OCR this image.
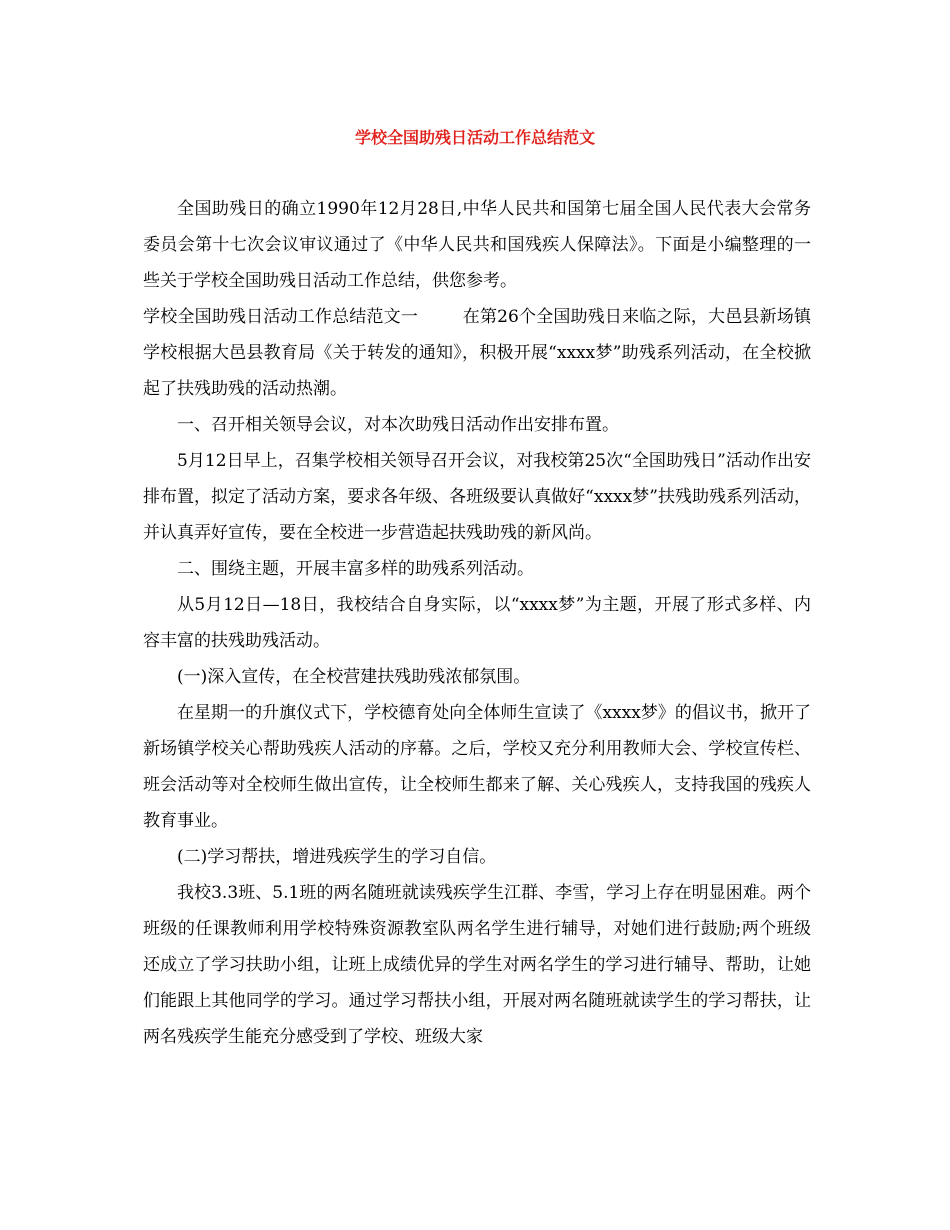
学校全国助残日活动工作总结范文

全国助残日的确立1990年12月28日,中华人民共和国第七届全国人民代表大会常务委员会第十七次会议审议通过了《中华人民共和国残疾人保障法》。下面是小编整理的一些关于学校全国助残日活动工作总结，供您参考。

学校全国助残日活动工作总结范文一        在第26个全国助残日来临之际，大邑县新场镇学校根据大邑县教育局《关于转发的通知》，积极开展“xxxx梦”助残系列活动，在全校掀起了扶残助残的活动热潮。

一、召开相关领导会议，对本次助残日活动作出安排布置。

5月12日早上，召集学校相关领导召开会议，对我校第25次“全国助残日”活动作出安排布置，拟定了活动方案，要求各年级、各班级要认真做好“xxxx梦”扶残助残系列活动，并认真弄好宣传，要在全校进一步营造起扶残助残的新风尚。

二、围绕主题，开展丰富多样的助残系列活动。

从5月12日—18日，我校结合自身实际，以“xxxx梦”为主题，开展了形式多样、内容丰富的扶残助残活动。

(一)深入宣传，在全校营建扶残助残浓郁氛围。

在星期一的升旗仪式下，学校德育处向全体师生宣读了《xxxx梦》的倡议书，掀开了新场镇学校关心帮助残疾人活动的序幕。之后，学校又充分利用教师大会、学校宣传栏、班会活动等对全校师生做出宣传，让全校师生都来了解、关心残疾人，支持我国的残疾人教育事业。

(二)学习帮扶，增进残疾学生的学习自信。

我校3.3班、5.1班的两名随班就读残疾学生江群、李雪，学习上存在明显困难。两个班级的任课教师利用学校特殊资源教室队两名学生进行辅导，对她们进行鼓励;两个班级还成立了学习扶助小组，让班上成绩优异的学生对两名学生的学习进行辅导、帮助，让她们能跟上其他同学的学习。通过学习帮扶小组，开展对两名随班就读学生的学习帮扶，让两名残疾学生能充分感受到了学校、班级大家
